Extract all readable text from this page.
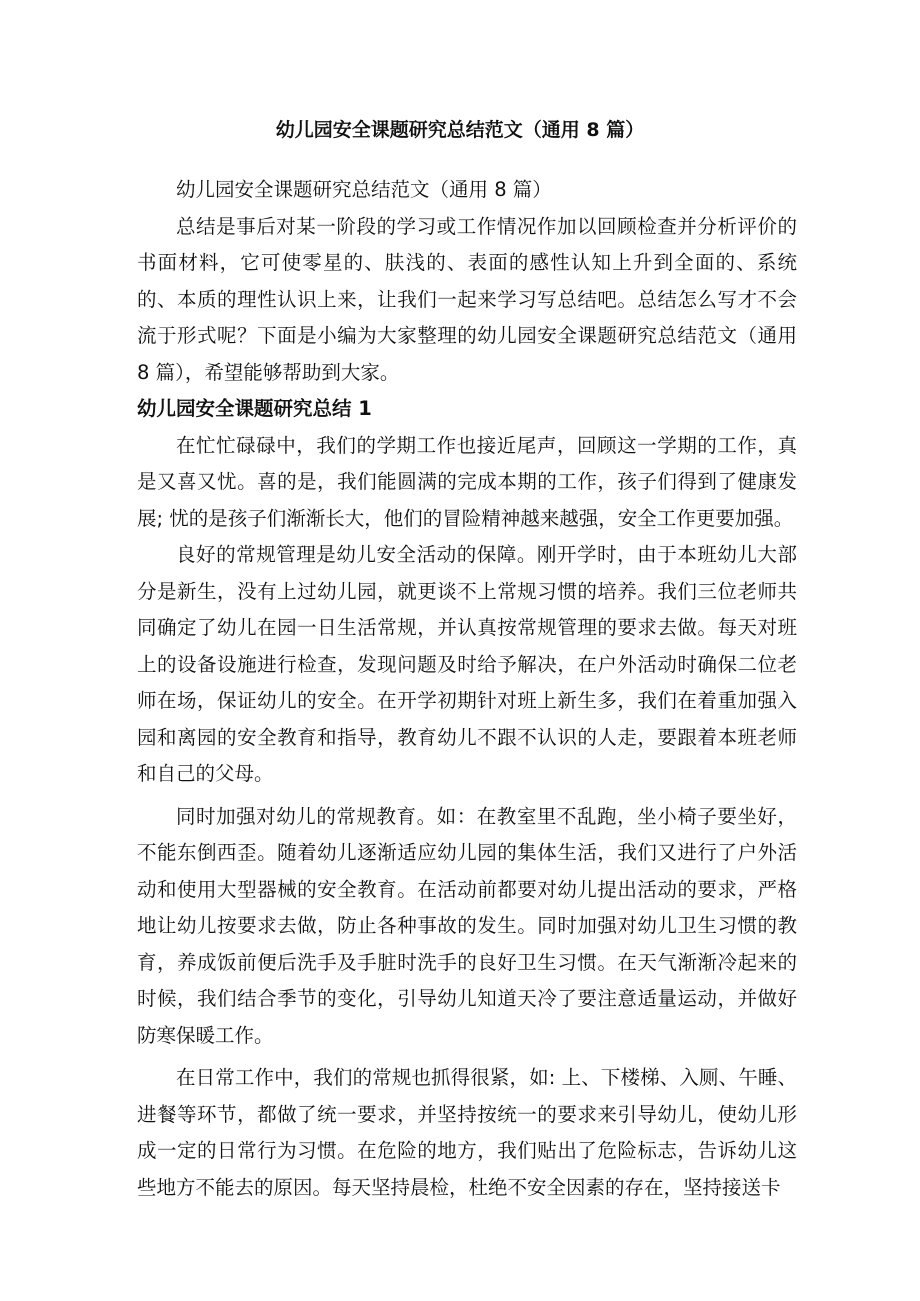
幼儿园安全课题研究总结范文（通用 8 篇）

幼儿园安全课题研究总结范文（通用 8 篇）

总结是事后对某一阶段的学习或工作情况作加以回顾检查并分析评价的书面材料，它可使零星的、肤浅的、表面的感性认知上升到全面的、系统的、本质的理性认识上来，让我们一起来学习写总结吧。总结怎么写才不会流于形式呢？下面是小编为大家整理的幼儿园安全课题研究总结范文（通用 8 篇），希望能够帮助到大家。

幼儿园安全课题研究总结 1

在忙忙碌碌中，我们的学期工作也接近尾声，回顾这一学期的工作，真是又喜又忧。喜的是，我们能圆满的完成本期的工作，孩子们得到了健康发展; 忧的是孩子们渐渐长大，他们的冒险精神越来越强，安全工作更要加强。

良好的常规管理是幼儿安全活动的保障。刚开学时，由于本班幼儿大部分是新生，没有上过幼儿园，就更谈不上常规习惯的培养。我们三位老师共同确定了幼儿在园一日生活常规，并认真按常规管理的要求去做。每天对班上的设备设施进行检查，发现问题及时给予解决，在户外活动时确保二位老师在场，保证幼儿的安全。在开学初期针对班上新生多，我们在着重加强入园和离园的安全教育和指导，教育幼儿不跟不认识的人走，要跟着本班老师和自己的父母。

同时加强对幼儿的常规教育。如：在教室里不乱跑，坐小椅子要坐好，不能东倒西歪。随着幼儿逐渐适应幼儿园的集体生活，我们又进行了户外活动和使用大型器械的安全教育。在活动前都要对幼儿提出活动的要求，严格地让幼儿按要求去做，防止各种事故的发生。同时加强对幼儿卫生习惯的教育，养成饭前便后洗手及手脏时洗手的良好卫生习惯。在天气渐渐冷起来的时候，我们结合季节的变化，引导幼儿知道天冷了要注意适量运动，并做好防寒保暖工作。

在日常工作中，我们的常规也抓得很紧，如: 上、下楼梯、入厕、午睡、进餐等环节，都做了统一要求，并坚持按统一的要求来引导幼儿，使幼儿形成一定的日常行为习惯。在危险的地方，我们贴出了危险标志，告诉幼儿这些地方不能去的原因。每天坚持晨检，杜绝不安全因素的存在，坚持接送卡
